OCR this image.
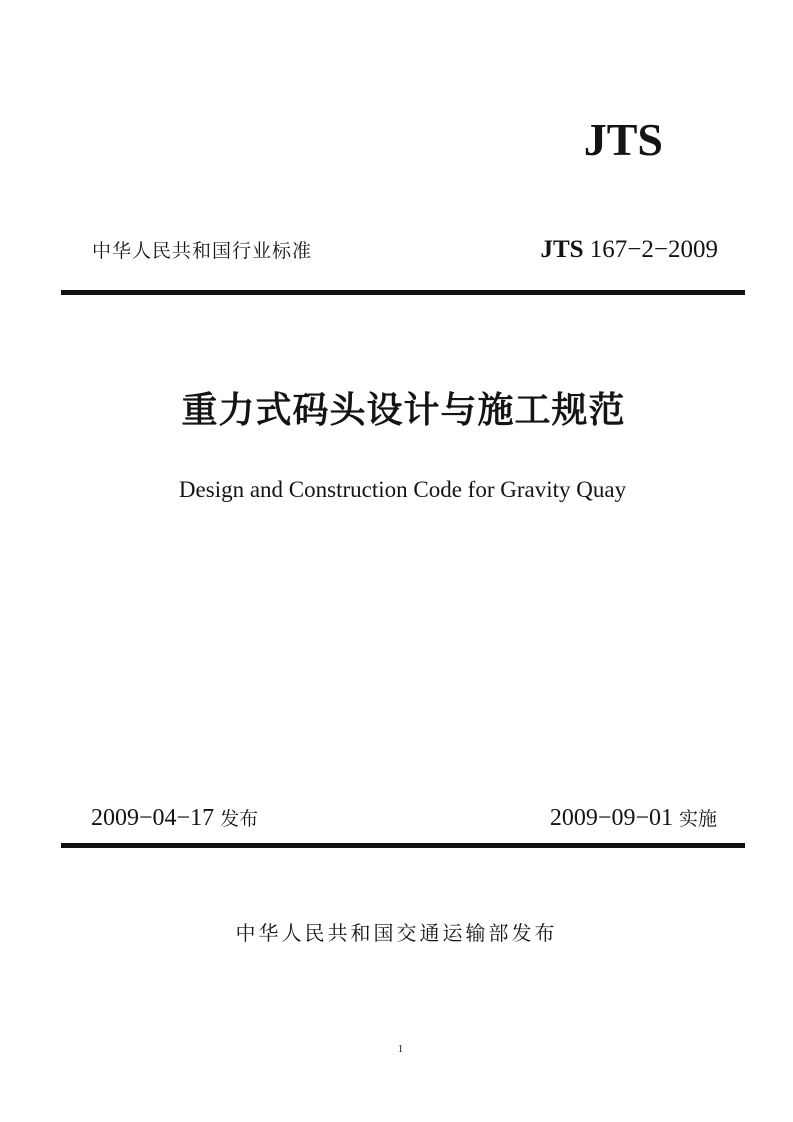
JTS
中华人民共和国行业标准	JTS 167−2−2009
重力式码头设计与施工规范
Design and Construction Code for Gravity Quay
2009−04−17 发布	2009−09−01 实施
中华人民共和国交通运输部发布
1
